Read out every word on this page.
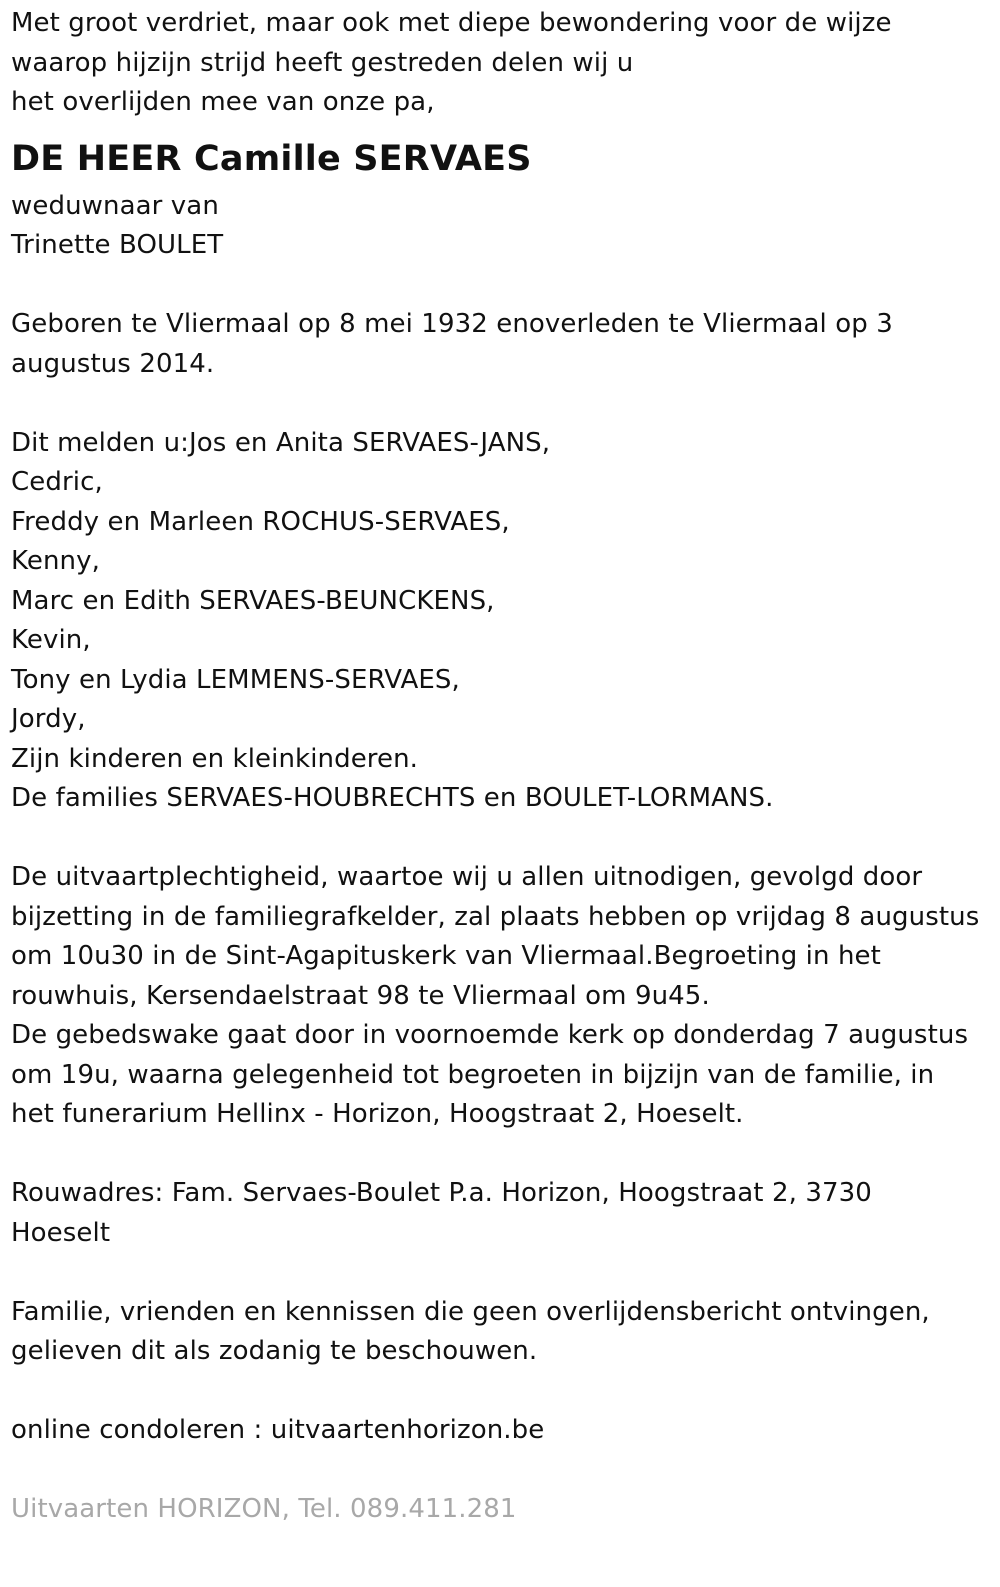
Met groot verdriet, maar ook met diepe bewondering voor de wijze
waarop hijzijn strijd heeft gestreden delen wij u
het overlijden mee van onze pa,
DE HEER Camille SERVAES
weduwnaar van
Trinette BOULET
Geboren te Vliermaal op 8 mei 1932 enoverleden te Vliermaal op 3
augustus 2014.
Dit melden u:Jos en Anita SERVAES-JANS,
Cedric,
Freddy en Marleen ROCHUS-SERVAES,
Kenny,
Marc en Edith SERVAES-BEUNCKENS,
Kevin,
Tony en Lydia LEMMENS-SERVAES,
Jordy,
Zijn kinderen en kleinkinderen.
De families SERVAES-HOUBRECHTS en BOULET-LORMANS.
De uitvaartplechtigheid, waartoe wij u allen uitnodigen, gevolgd door
bijzetting in de familiegrafkelder, zal plaats hebben op vrijdag 8 augustus
om 10u30 in de Sint-Agapituskerk van Vliermaal.Begroeting in het
rouwhuis, Kersendaelstraat 98 te Vliermaal om 9u45.
De gebedswake gaat door in voornoemde kerk op donderdag 7 augustus
om 19u, waarna gelegenheid tot begroeten in bijzijn van de familie, in
het funerarium Hellinx - Horizon, Hoogstraat 2, Hoeselt.
Rouwadres: Fam. Servaes-Boulet P.a. Horizon, Hoogstraat 2, 3730
Hoeselt
Familie, vrienden en kennissen die geen overlijdensbericht ontvingen,
gelieven dit als zodanig te beschouwen.
online condoleren : uitvaartenhorizon.be
Uitvaarten HORIZON, Tel. 089.411.281
